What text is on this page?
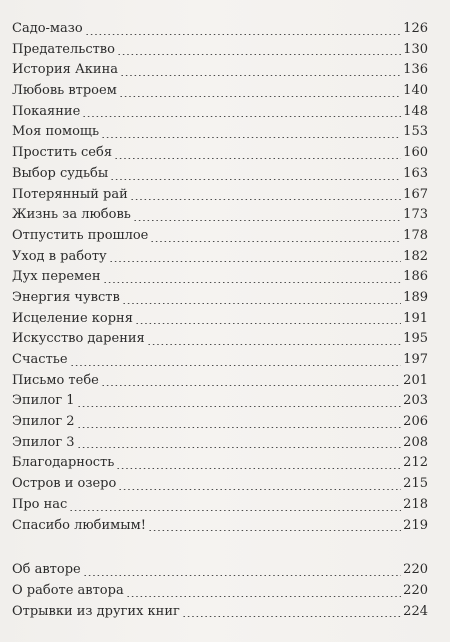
Садо-мазо	126
Предательство	130
История Акина	136
Любовь втроем	140
Покаяние	148
Моя помощь	153
Простить себя	160
Выбор судьбы	163
Потерянный рай	167
Жизнь за любовь	173
Отпустить прошлое	178
Уход в работу	182
Дух перемен	186
Энергия чувств	189
Исцеление корня	191
Искусство дарения	195
Счастье	197
Письмо тебе	201
Эпилог 1	203
Эпилог 2	206
Эпилог 3	208
Благодарность	212
Остров и озеро	215
Про нас	218
Спасибо любимым!	219
Об авторе	220
О работе автора	220
Отрывки из других книг	224
